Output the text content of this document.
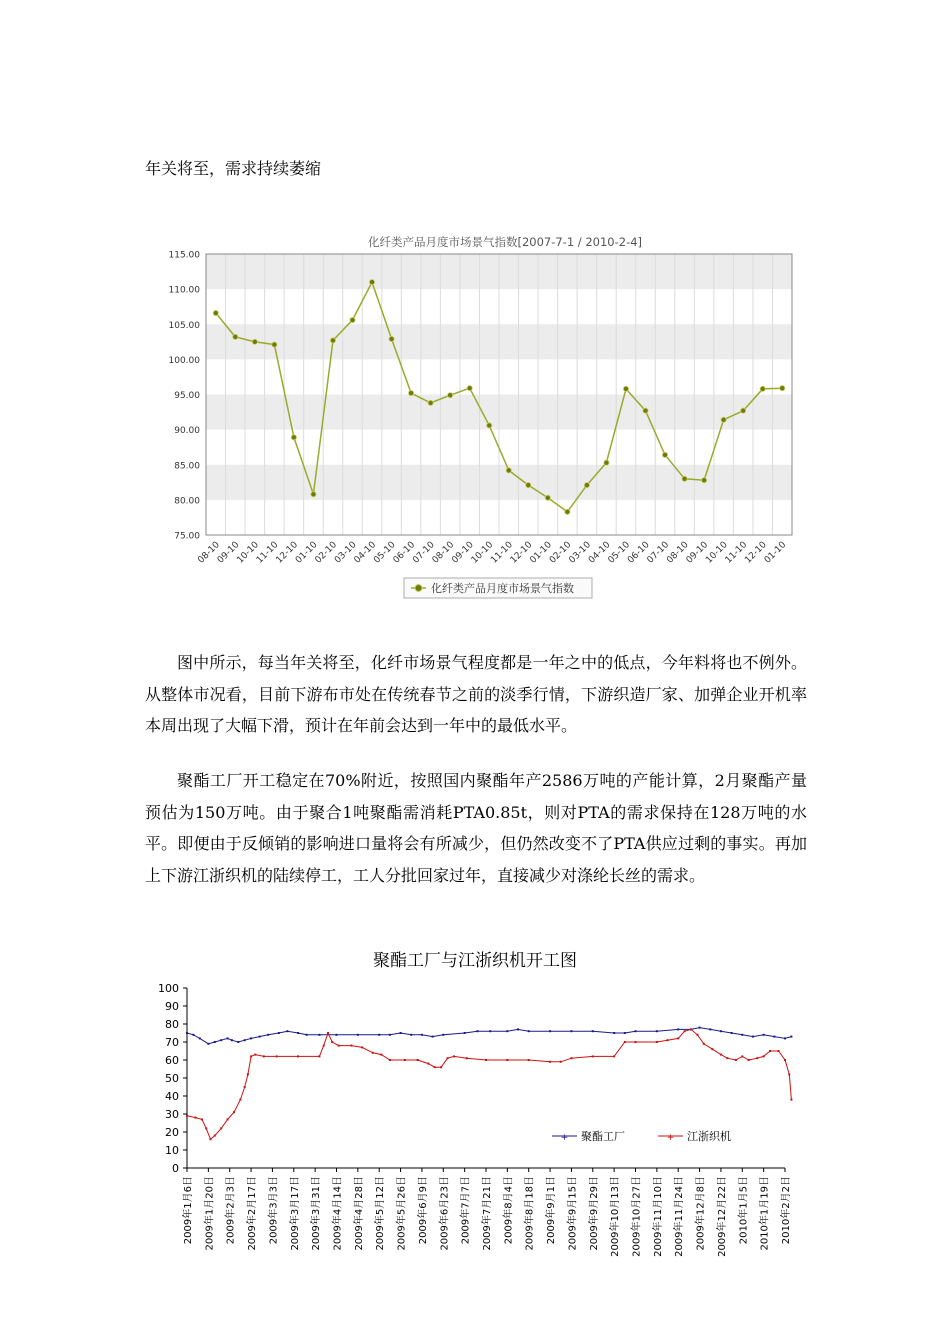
年关将至，需求持续萎缩
化纤类产品月度市场景气指数[2007-7-1 / 2010-2-4]
75.00
80.00
85.00
90.00
95.00
100.00
105.00
110.00
115.00
08-10
09-10
10-10
11-10
12-10
01-10
02-10
03-10
04-10
05-10
06-10
07-10
08-10
09-10
10-10
11-10
12-10
01-10
02-10
03-10
04-10
05-10
06-10
07-10
08-10
09-10
10-10
11-10
12-10
01-10
化纤类产品月度市场景气指数

图中所示，每当年关将至，化纤市场景气程度都是一年之中的低点，今年料将也不例外。从整体市况看，目前下游布市处在传统春节之前的淡季行情，下游织造厂家、加弹企业开机率本周出现了大幅下滑，预计在年前会达到一年中的最低水平。

聚酯工厂开工稳定在70%附近，按照国内聚酯年产2586万吨的产能计算，2月聚酯产量预估为150万吨。由于聚合1吨聚酯需消耗PTA0.85t，则对PTA的需求保持在128万吨的水平。即便由于反倾销的影响进口量将会有所减少，但仍然改变不了PTA供应过剩的事实。再加上下游江浙织机的陆续停工，工人分批回家过年，直接减少对涤纶长丝的需求。

聚酯工厂与江浙织机开工图
0
10
20
30
40
50
60
70
80
90
100
2009年1月6日 2009年1月20日 2009年2月3日 2009年2月17日 2009年3月3日 2009年3月17日 2009年3月31日 2009年4月14日 2009年4月28日 2009年5月12日 2009年5月26日 2009年6月9日 2009年6月23日 2009年7月7日 2009年7月21日 2009年8月4日 2009年8月18日 2009年9月1日 2009年9月15日 2009年9月29日 2009年10月13日 2009年10月27日 2009年11月10日 2009年11月24日 2009年12月8日 2009年12月22日 2010年1月5日 2010年1月19日 2010年2月2日
+ 聚酯工厂	+ 江浙织机
